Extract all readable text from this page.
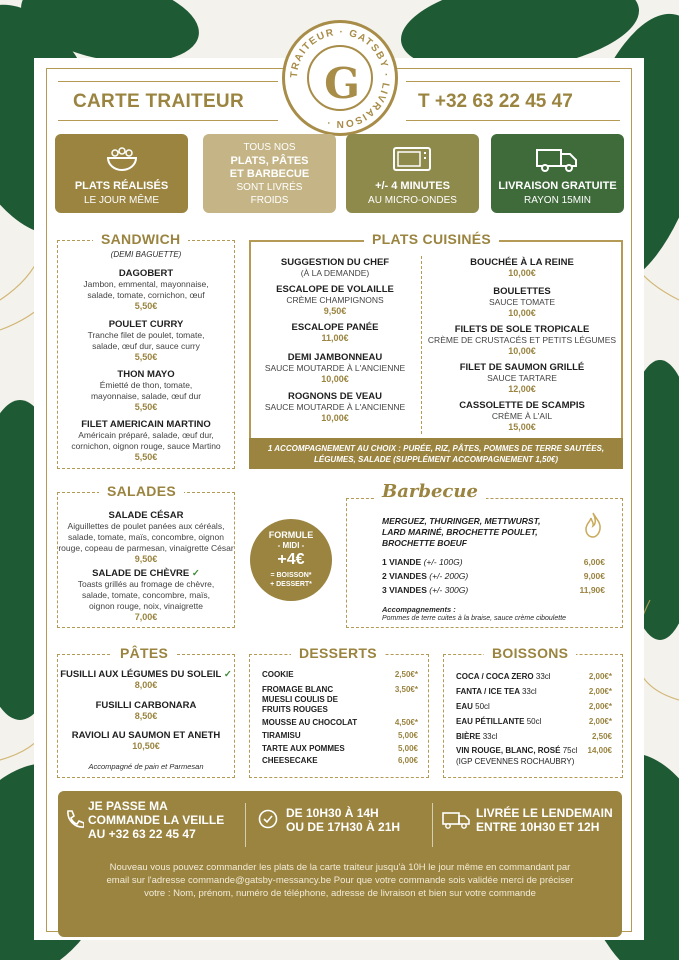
CARTE TRAITEUR	T +32 63 22 45 47
TRAITEUR · GATSBY · LIVRAISON ·
G
PLATS RÉALISÉS
LE JOUR MÊME
TOUS NOS
PLATS, PÂTES
ET BARBECUE
SONT LIVRÉS
FROIDS
+/- 4 MINUTES
AU MICRO-ONDES
LIVRAISON GRATUITE
RAYON 15MIN
SANDWICH
(DEMI BAGUETTE)
DAGOBERT
Jambon, emmental, mayonnaise,
salade, tomate, cornichon, œuf
5,50€
POULET CURRY
Tranche filet de poulet, tomate,
salade, œuf dur, sauce curry
5,50€
THON MAYO
Émietté de thon, tomate,
mayonnaise, salade, œuf dur
5,50€
FILET AMERICAIN MARTINO
Américain préparé, salade, œuf dur,
cornichon, oignon rouge, sauce Martino
5,50€
PLATS CUISINÉS
SUGGESTION DU CHEF
(À LA DEMANDE)
ESCALOPE DE VOLAILLE
CRÈME CHAMPIGNONS
9,50€
ESCALOPE PANÉE
11,00€
DEMI JAMBONNEAU
SAUCE MOUTARDE À L'ANCIENNE
10,00€
ROGNONS DE VEAU
SAUCE MOUTARDE À L'ANCIENNE
10,00€
BOUCHÉE À LA REINE
10,00€
BOULETTES
SAUCE TOMATE
10,00€
FILETS DE SOLE TROPICALE
CRÈME DE CRUSTACÉS ET PETITS LÉGUMES
10,00€
FILET DE SAUMON GRILLÉ
SAUCE TARTARE
12,00€
CASSOLETTE DE SCAMPIS
CRÈME À L'AIL
15,00€
1 ACCOMPAGNEMENT AU CHOIX : PURÉE, RIZ, PÂTES, POMMES DE TERRE SAUTÉES,
LÉGUMES, SALADE (SUPPLÉMENT ACCOMPAGNEMENT 1,50€)
SALADES
SALADE CÉSAR
Aiguillettes de poulet panées aux céréals,
salade, tomate, maïs, concombre, oignon
rouge, copeau de parmesan, vinaigrette César
9,50€
SALADE DE CHÈVRE ✓
Toasts grillés au fromage de chèvre,
salade, tomate, concombre, maïs,
oignon rouge, noix, vinaigrette
7,00€
FORMULE
- MIDI -
+4€
= BOISSON*
+ DESSERT*
Barbecue
MERGUEZ, THURINGER, METTWURST,
LARD MARINÉ, BROCHETTE POULET,
BROCHETTE BOEUF
1 VIANDE (+/- 100G)	6,00€
2 VIANDES (+/- 200G)	9,00€
3 VIANDES (+/- 300G)	11,90€
Accompagnements :
Pommes de terre cuites à la braise, sauce crème ciboulette
PÂTES
FUSILLI AUX LÉGUMES DU SOLEIL ✓
8,00€
FUSILLI CARBONARA
8,50€
RAVIOLI AU SAUMON ET ANETH
10,50€
Accompagné de pain et Parmesan
DESSERTS
COOKIE	2,50€*
FROMAGE BLANC
MUESLI COULIS DE
FRUITS ROUGES
3,50€*
MOUSSE AU CHOCOLAT	4,50€*
TIRAMISU	5,00€
TARTE AUX POMMES	5,00€
CHEESECAKE	6,00€
BOISSONS
COCA / COCA ZERO 33cl	2,00€*
FANTA / ICE TEA 33cl	2,00€*
EAU 50cl	2,00€*
EAU PÉTILLANTE 50cl	2,00€*
BIÈRE 33cl	2,50€
VIN ROUGE, BLANC, ROSÉ 75cl	14,00€
(IGP CEVENNES ROCHAUBRY)
JE PASSE MA
COMMANDE LA VEILLE
AU +32 63 22 45 47
DE 10H30 À 14H
OU DE 17H30 À 21H
LIVRÉE LE LENDEMAIN
ENTRE 10H30 ET 12H
Nouveau vous pouvez commander les plats de la carte traiteur jusqu'à 10H le jour même en commandant par
email sur l'adresse commande@gatsby-messancy.be Pour que votre commande sois validée merci de préciser
votre : Nom, prénom, numéro de téléphone, adresse de livraison et bien sur votre commande
